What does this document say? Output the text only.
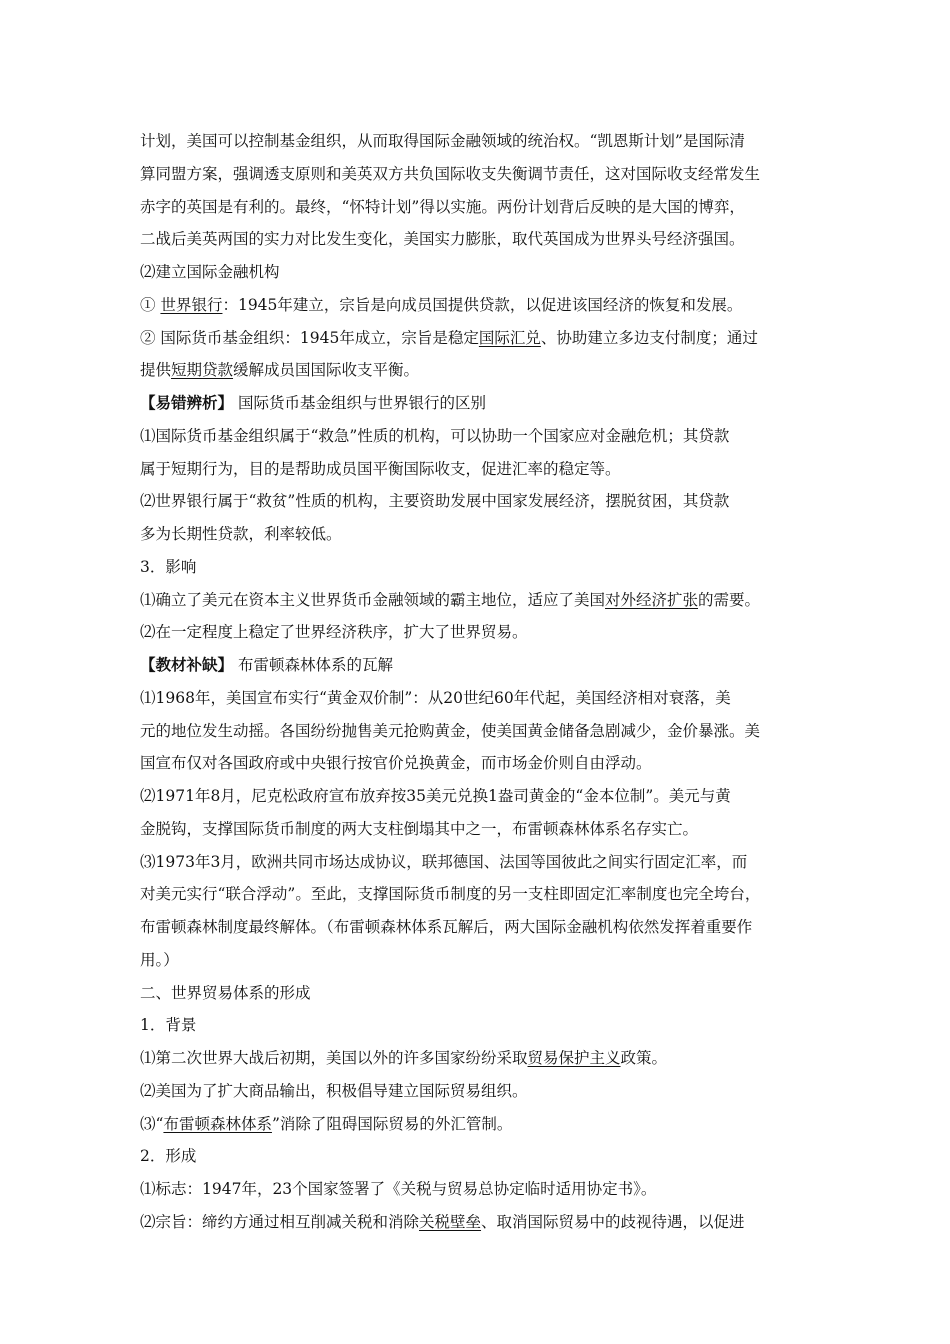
计划，美国可以控制基金组织，从而取得国际金融领域的统治权。“凯恩斯计划”是国际清
算同盟方案，强调透支原则和美英双方共负国际收支失衡调节责任，这对国际收支经常发生
赤字的英国是有利的。最终，“怀特计划”得以实施。两份计划背后反映的是大国的博弈，
二战后美英两国的实力对比发生变化，美国实力膨胀，取代英国成为世界头号经济强国。
⑵建立国际金融机构
① 世界银行：1945年建立，宗旨是向成员国提供贷款，以促进该国经济的恢复和发展。
② 国际货币基金组织：1945年成立，宗旨是稳定国际汇兑、协助建立多边支付制度；通过
提供短期贷款缓解成员国国际收支平衡。
【易错辨析】 国际货币基金组织与世界银行的区别
⑴国际货币基金组织属于“救急”性质的机构，可以协助一个国家应对金融危机；其贷款
属于短期行为，目的是帮助成员国平衡国际收支，促进汇率的稳定等。
⑵世界银行属于“救贫”性质的机构，主要资助发展中国家发展经济，摆脱贫困，其贷款
多为长期性贷款，利率较低。
3．影响
⑴确立了美元在资本主义世界货币金融领域的霸主地位，适应了美国对外经济扩张的需要。
⑵在一定程度上稳定了世界经济秩序，扩大了世界贸易。
【教材补缺】 布雷顿森林体系的瓦解
⑴1968年，美国宣布实行“黄金双价制”：从20世纪60年代起，美国经济相对衰落，美
元的地位发生动摇。各国纷纷抛售美元抢购黄金，使美国黄金储备急剧减少，金价暴涨。美
国宣布仅对各国政府或中央银行按官价兑换黄金，而市场金价则自由浮动。
⑵1971年8月，尼克松政府宣布放弃按35美元兑换1盎司黄金的“金本位制”。美元与黄
金脱钩，支撑国际货币制度的两大支柱倒塌其中之一，布雷顿森林体系名存实亡。
⑶1973年3月，欧洲共同市场达成协议，联邦德国、法国等国彼此之间实行固定汇率，而
对美元实行“联合浮动”。至此，支撑国际货币制度的另一支柱即固定汇率制度也完全垮台，
布雷顿森林制度最终解体。（布雷顿森林体系瓦解后，两大国际金融机构依然发挥着重要作
用。）
二、世界贸易体系的形成
1．背景
⑴第二次世界大战后初期，美国以外的许多国家纷纷采取贸易保护主义政策。
⑵美国为了扩大商品输出，积极倡导建立国际贸易组织。
⑶“布雷顿森林体系”消除了阻碍国际贸易的外汇管制。
2．形成
⑴标志：1947年，23个国家签署了《关税与贸易总协定临时适用协定书》。
⑵宗旨：缔约方通过相互削减关税和消除关税壁垒、取消国际贸易中的歧视待遇，以促进
